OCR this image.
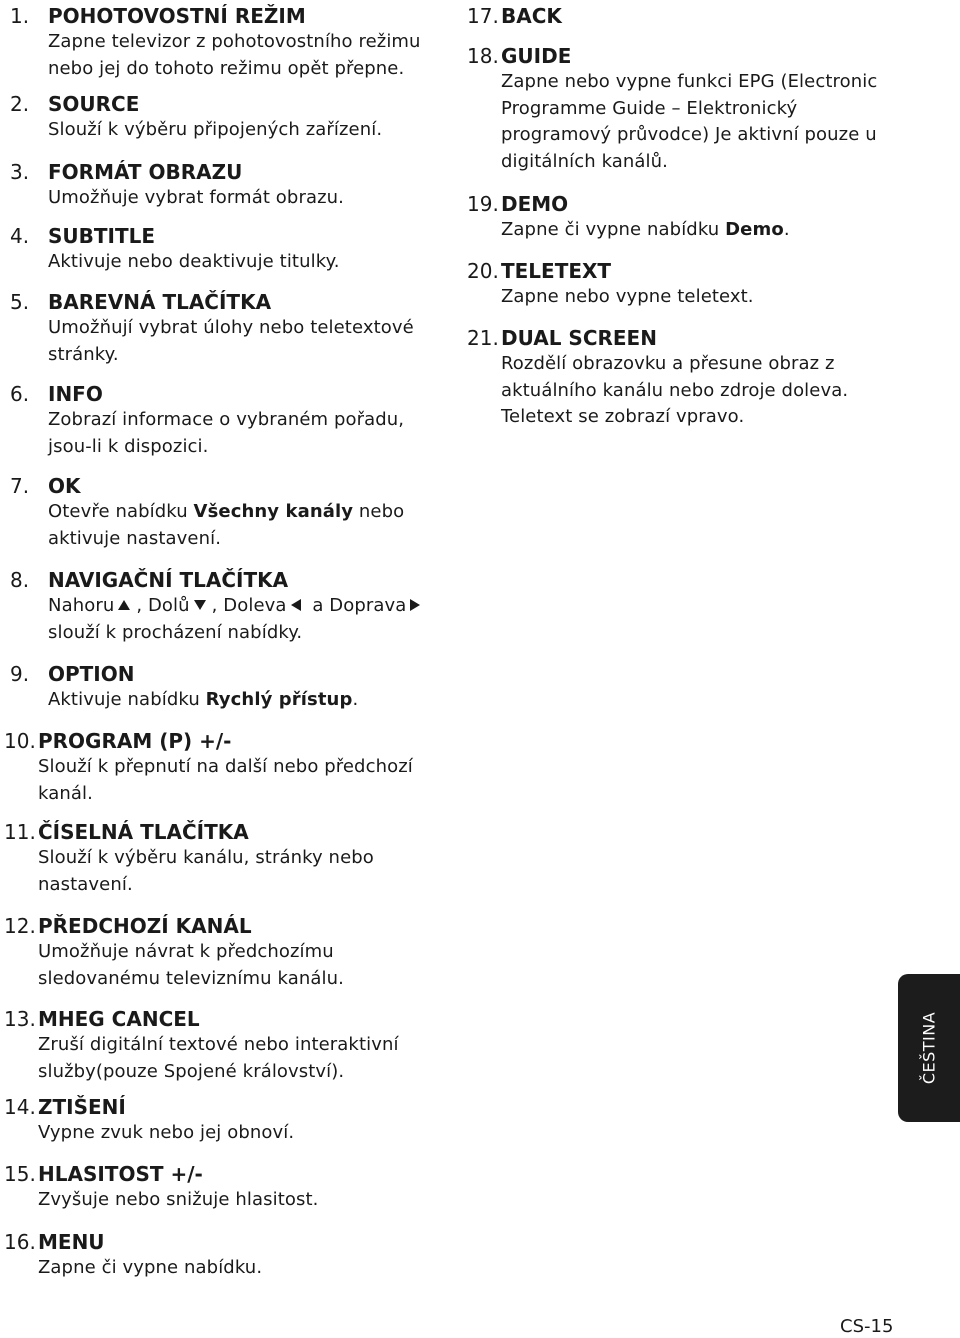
1. POHOTOVOSTNÍ REŽIM
Zapne televizor z pohotovostního režimu nebo jej do tohoto režimu opět přepne.
2. SOURCE
Slouží k výběru připojených zařízení.
3. FORMÁT OBRAZU
Umožňuje vybrat formát obrazu.
4. SUBTITLE
Aktivuje nebo deaktivuje titulky.
5. BAREVNÁ TLAČÍTKA
Umožňují vybrat úlohy nebo teletextové stránky.
6. INFO
Zobrazí informace o vybraném pořadu, jsou-li k dispozici.
7. OK
Otevře nabídku Všechny kanály nebo aktivuje nastavení.
8. NAVIGAČNÍ TLAČÍTKA
Nahoru , Dolů , Doleva a Doprava
slouží k procházení nabídky.
9. OPTION
Aktivuje nabídku Rychlý přístup.
10. PROGRAM (P) +/-
Slouží k přepnutí na další nebo předchozí kanál.
11. ČÍSELNÁ TLAČÍTKA
Slouží k výběru kanálu, stránky nebo nastavení.
12. PŘEDCHOZÍ KANÁL
Umožňuje návrat k předchozímu sledovanému televiznímu kanálu.
13. MHEG CANCEL
Zruší digitální textové nebo interaktivní služby(pouze Spojené království).
14. ZTIŠENÍ
Vypne zvuk nebo jej obnoví.
15. HLASITOST +/-
Zvyšuje nebo snižuje hlasitost.
16. MENU
Zapne či vypne nabídku.
17. BACK
18. GUIDE
Zapne nebo vypne funkci EPG (Electronic Programme Guide – Elektronický programový průvodce) Je aktivní pouze u digitálních kanálů.
19. DEMO
Zapne či vypne nabídku Demo.
20. TELETEXT
Zapne nebo vypne teletext.
21. DUAL SCREEN
Rozdělí obrazovku a přesune obraz z aktuálního kanálu nebo zdroje doleva. Teletext se zobrazí vpravo.
ČEŠTINA
CS-15
